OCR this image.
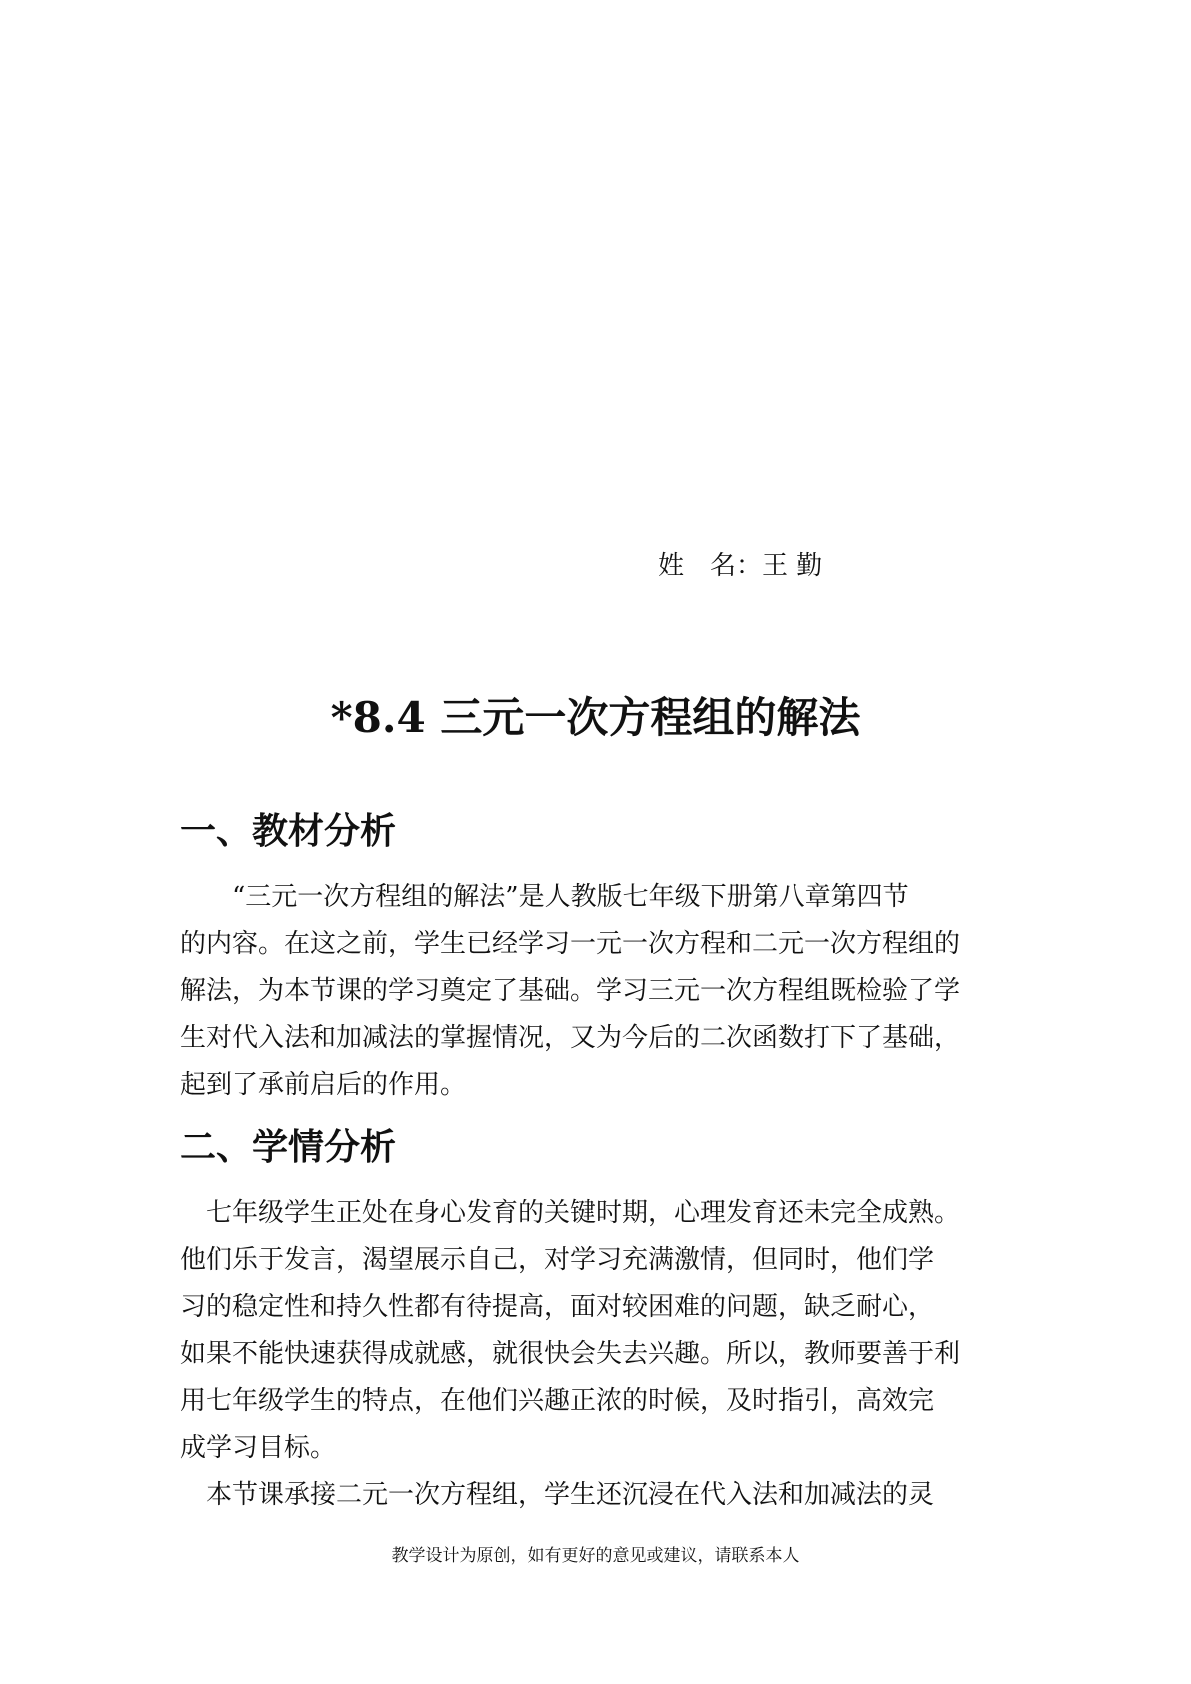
姓　名：王 勤
*8.4 三元一次方程组的解法
一、教材分析
　　“三元一次方程组的解法”是人教版七年级下册第八章第四节
的内容。在这之前，学生已经学习一元一次方程和二元一次方程组的
解法，为本节课的学习奠定了基础。学习三元一次方程组既检验了学
生对代入法和加减法的掌握情况，又为今后的二次函数打下了基础，
起到了承前启后的作用。
二、学情分析
　七年级学生正处在身心发育的关键时期，心理发育还未完全成熟。
他们乐于发言，渴望展示自己，对学习充满激情，但同时，他们学
习的稳定性和持久性都有待提高，面对较困难的问题，缺乏耐心，
如果不能快速获得成就感，就很快会失去兴趣。所以，教师要善于利
用七年级学生的特点，在他们兴趣正浓的时候，及时指引，高效完
成学习目标。
　本节课承接二元一次方程组，学生还沉浸在代入法和加减法的灵
教学设计为原创，如有更好的意见或建议，请联系本人
